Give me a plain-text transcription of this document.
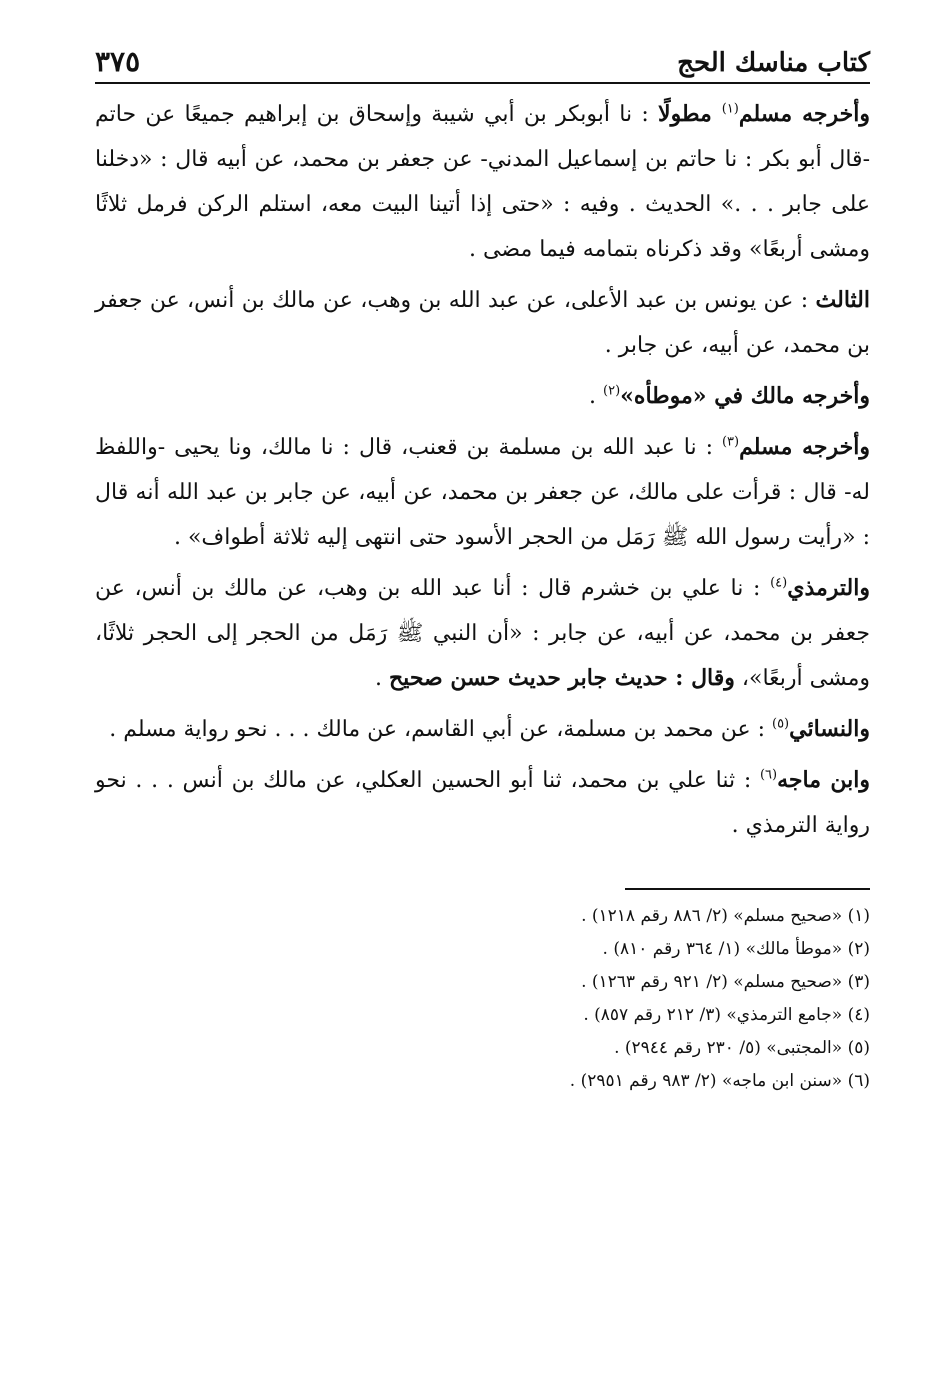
كتاب مناسك الحج
٣٧٥

وأخرجه مسلم$^{(١)}$ مطولًا : نا أبوبكر بن أبي شيبة وإسحاق بن إبراهيم جميعًا عن حاتم -قال أبو بكر : نا حاتم بن إسماعيل المدني- عن جعفر بن محمد، عن أبيه قال : «دخلنا على جابر . . .» الحديث . وفيه : «حتى إذا أتينا البيت معه، استلم الركن فرمل ثلاثًا ومشى أربعًا» وقد ذكرناه بتمامه فيما مضى .

الثالث : عن يونس بن عبد الأعلى، عن عبد الله بن وهب، عن مالك بن أنس، عن جعفر بن محمد، عن أبيه، عن جابر .

وأخرجه مالك في «موطأه»$^{(٢)}$ .

وأخرجه مسلم$^{(٣)}$ : نا عبد الله بن مسلمة بن قعنب، قال : نا مالك، ونا يحيى -واللفظ له- قال : قرأت على مالك، عن جعفر بن محمد، عن أبيه، عن جابر بن عبد الله أنه قال : «رأيت رسول الله ﷺ رَمَل من الحجر الأسود حتى انتهى إليه ثلاثة أطواف» .

والترمذي$^{(٤)}$ : نا علي بن خشرم قال : أنا عبد الله بن وهب، عن مالك بن أنس، عن جعفر بن محمد، عن أبيه، عن جابر : «أن النبي ﷺ رَمَل من الحجر إلى الحجر ثلاثًا، ومشى أربعًا»، وقال : حديث جابر حديث حسن صحيح .

والنسائي$^{(٥)}$ : عن محمد بن مسلمة، عن أبي القاسم، عن مالك . . . نحو رواية مسلم .

وابن ماجه$^{(٦)}$ : ثنا علي بن محمد، ثنا أبو الحسين العكلي، عن مالك بن أنس . . . نحو رواية الترمذي .

(١) «صحيح مسلم» (٢/ ٨٨٦ رقم ١٢١٨) .
(٢) «موطأ مالك» (١/ ٣٦٤ رقم ٨١٠) .
(٣) «صحيح مسلم» (٢/ ٩٢١ رقم ١٢٦٣) .
(٤) «جامع الترمذي» (٣/ ٢١٢ رقم ٨٥٧) .
(٥) «المجتبى» (٥/ ٢٣٠ رقم ٢٩٤٤) .
(٦) «سنن ابن ماجه» (٢/ ٩٨٣ رقم ٢٩٥١) .
